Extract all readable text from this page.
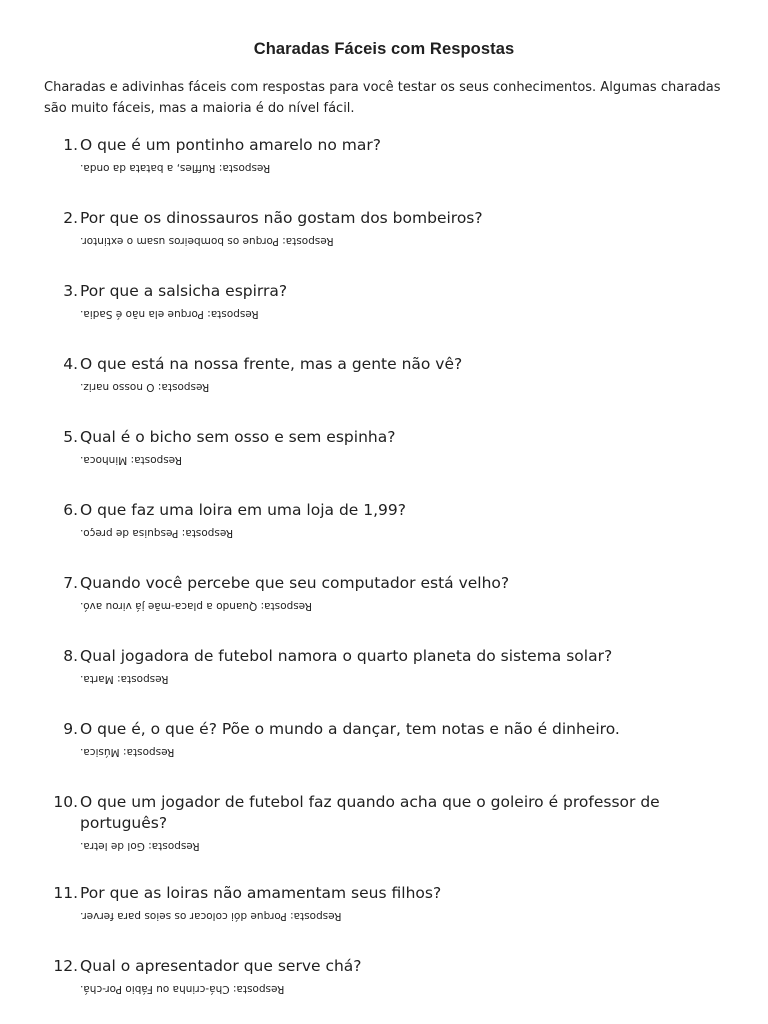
Charadas Fáceis com Respostas

Charadas e adivinhas fáceis com respostas para você testar os seus conhecimentos. Algumas charadas são muito fáceis, mas a maioria é do nível fácil.

1. O que é um pontinho amarelo no mar?

Resposta: Ruffles, a batata da onda.
2. Por que os dinossauros não gostam dos bombeiros?

Resposta: Porque os bombeiros usam o extintor.
3. Por que a salsicha espirra?

Resposta: Porque ela não é Sadia.
4. O que está na nossa frente, mas a gente não vê?

Resposta: O nosso nariz.
5. Qual é o bicho sem osso e sem espinha?

Resposta: Minhoca.
6. O que faz uma loira em uma loja de 1,99?

Resposta: Pesquisa de preço.
7. Quando você percebe que seu computador está velho?

Resposta: Quando a placa-mãe já virou avó.
8. Qual jogadora de futebol namora o quarto planeta do sistema solar?

Resposta: Marta.
9. O que é, o que é? Põe o mundo a dançar, tem notas e não é dinheiro.

Resposta: Música.
10. O que um jogador de futebol faz quando acha que o goleiro é professor de português?

Resposta: Gol de letra.
11. Por que as loiras não amamentam seus filhos?

Resposta: Porque dói colocar os seios para ferver.
12. Qual o apresentador que serve chá?

Resposta: Chá-crinha ou Fábio Por-chá.
